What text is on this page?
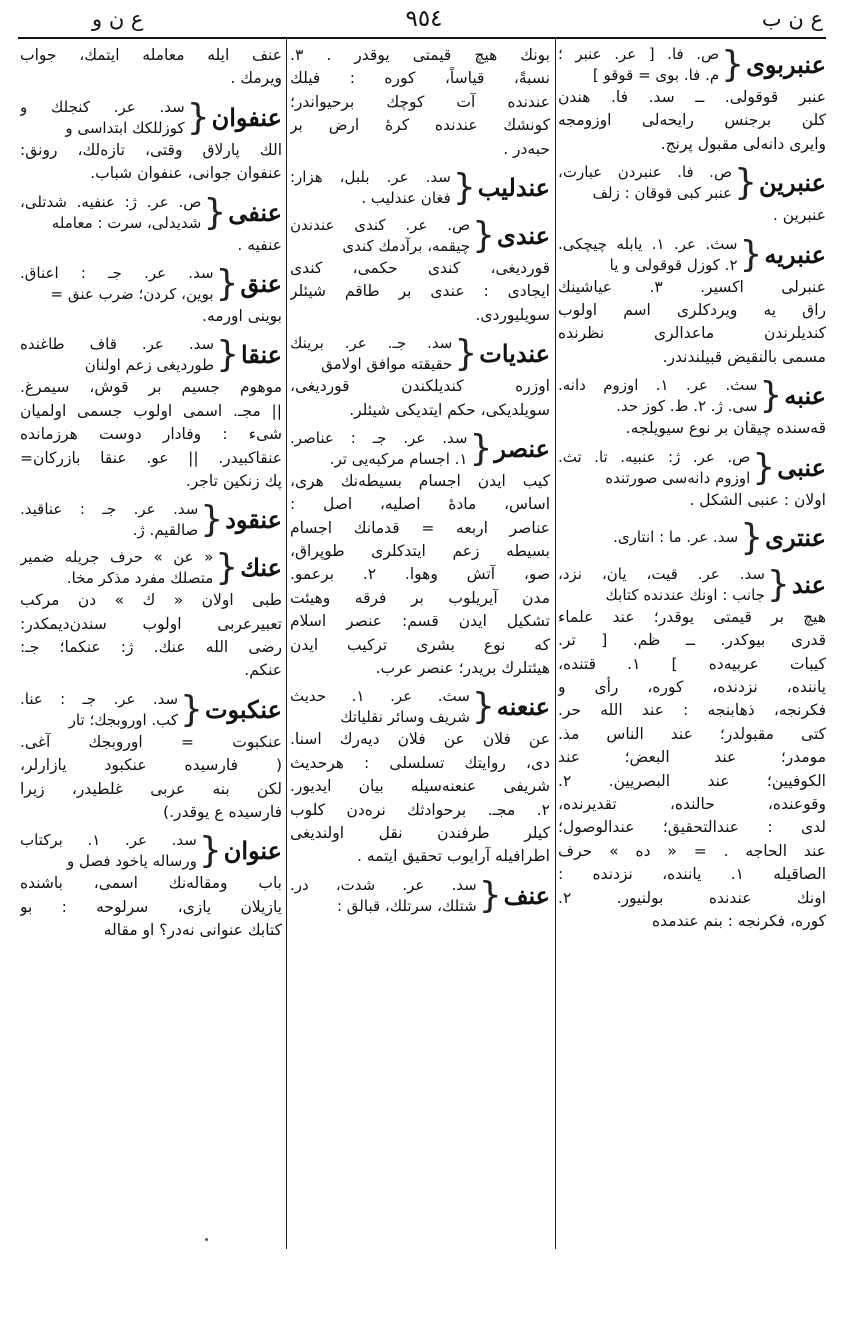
ع ن ب
٩٥٤
ع ن و
عنبربوی
{
ص. فا. [ عر. عنبر ؛
م. فا. بوى = قوقو ]
عنبر قوقولی. ــ سد. فا. هندن
کلن برجنس رایحه‌لی اوزومجه
وایری دانه‌لی مقبول پرنج.
عنبرین
{
ص. فا. عنبردن عبارت،
عنبر کبی قوقان : زلف
عنبرین .
عنبریه
{
سث. عر. ۱. یابله چیچکی.
۲. کوزل قوقولی و یا
عنبرلی اکسیر. ۳. عیاشینك
راق یه ویردکلری اسم اولوب
کندیلرندن ماعدالری نظرنده
مسمی بالنقیض قبیلندندر.
عنبه
{
سث. عر. ۱. اوزوم دانه.
سی. ژ. ۲. ط. کوز حد.
قه‌سنده چیقان بر نوع سیویلجه.
عنبی
{
ص. عر. ژ: عنبیه. تا. تث.
اوزوم دانه‌سی صورتنده
اولان : عنبی الشکل .
عنتری
{
سد. عر. ما : انتاری.
عند
{
سد. عر. قیت، یان، نزد،
جانب : اونك عندنده کتابك
هیچ بر قیمتی یوقدر؛ عند علماء
قدری بیوکدر. ــ ظم. [ تر.
کیبات عربیه‌ده ] ۱. قتنده،
یاننده، نزدنده، کوره، رأی و
فکرنجه، ذهابنجه : عند الله حر.
کتی مقبولدر؛ عند الناس مذ.
مومدر؛ عند البعض؛ عند
الکوفیین؛ عند البصریین. ۲.
وقوعنده، حالنده، تقدیرنده،
لدی : عندالتحقیق؛ عندالوصول؛
عند الحاجه . = « ده » حرف
الصاقیله ۱. یاننده، نزدنده :
اونك عندنده بولنیور. ۲.
کوره، فکرنجه : بنم عندمده
بونك هیچ قیمتی یوقدر . ۳.
نسبةً، قیاساً، کوره : فیلك
عندنده آت کوچك برحیواندر؛
کونشك عندنده کرهٔ ارض بر
حبه‌در .
عندلیب
{
سد. عر. بلبل، هزار:
فغان عندلیب .
عندی
{
ص. عر. کندی عندندن
چیقمه، برآدمك کندی
قوردیغی، کندی حکمی، کندی
ایجادی : عندی بر طاقم شیئلر
سویلیوردی.
عندیات
{
سد. جـ. عر. برینك
حقیقته موافق اولامق
اوزره کندیلکندن قوردیغی،
سویلدیکی، حکم ایتدیکی شیئلر.
عنصر
{
سد. عر. جـ : عناصر.
۱. اجسام مرکبه‌یی تر.
کیب ایدن اجسام بسیطه‌نك هری،
اساس، مادهٔ اصلیه، اصل :
عناصر اربعه = قدمانك اجسام
بسیطه زعم ایتدکلری طوپراق،
صو، آتش وهوا. ۲. برعمو.
مدن آیریلوب بر فرقه وهیئت
تشکیل ایدن قسم: عنصر اسلام
که نوع بشری ترکیب ایدن
هیئتلرك بریدر؛ عنصر عرب.
عنعنه
{
سث. عر. ۱. حدیث
شریف وسائر نقلیاتك
عن فلان عن فلان دیه‌رك اسنا.
دی، روایتك تسلسلی : هرحدیث
شریفی عنعنه‌سیله بیان ایدیور.
۲. مجـ. برحوادثك نره‌دن کلوب
کیلر طرفندن نقل اولندیغی
اطرافیله آرایوب تحقیق ایتمه .
عنف
{
سد. عر. شدت، در.
شتلك، سرتلك، قبالق :
عنف ایله معامله ایتمك، جواب
ویرمك .
عنفوان
{
سد. عر. کنجلك و
کوزللکك ابتداسی و
الك پارلاق وقتی، تازه‌لك، رونق:
عنفوان جوانی، عنفوان شباب.
عنفی
{
ص. عر. ژ: عنفیه. شدتلی،
شدیدلی، سرت : معامله‌
عنفیه .
عنق
{
سد. عر. جـ : اعناق.
بوین، کردن؛ ضرب عنق =
بوینی اورمه.
عنقا
{
سد. عر. قاف طاغنده
طوردیغی زعم اولنان
موهوم جسیم بر قوش، سیمرغ.
|| مجـ. اسمی اولوب جسمی اولمیان
شیء : وفادار دوست هرزمانده
عنقاکبیدر. || عو. عنقا بازرکان=
پك زنکین تاجر.
عنقود
{
سد. عر. جـ : عناقید.
صالقیم. ژ.
عنك
{
« عن » حرف جریله ضمیر
متصلك مفرد مذکر مخا.
طبی اولان « ك » دن مرکب
تعبیرعربی اولوب سندن‌دیمکدر:
رضی الله عنك. ژ: عنکما؛ جـ:
عنکم.
عنکبوت
{
سد. عر. جـ : عنا.
کب. اوروبجك؛ تار
عنکبوت = اوروبجك آغی.
( فارسیده عنکبود یازارلر،
لکن بنه عربی غلطیدر، زیرا
فارسیده ع یوقدر.)
عنوان
{
سد. عر. ۱. برکتاب
ورساله یاخود فصل و
باب ومقاله‌نك اسمی، باشنده
یازیلان یازی، سرلوحه : بو
کتابك عنوانی نه‌در؟ او مقاله
